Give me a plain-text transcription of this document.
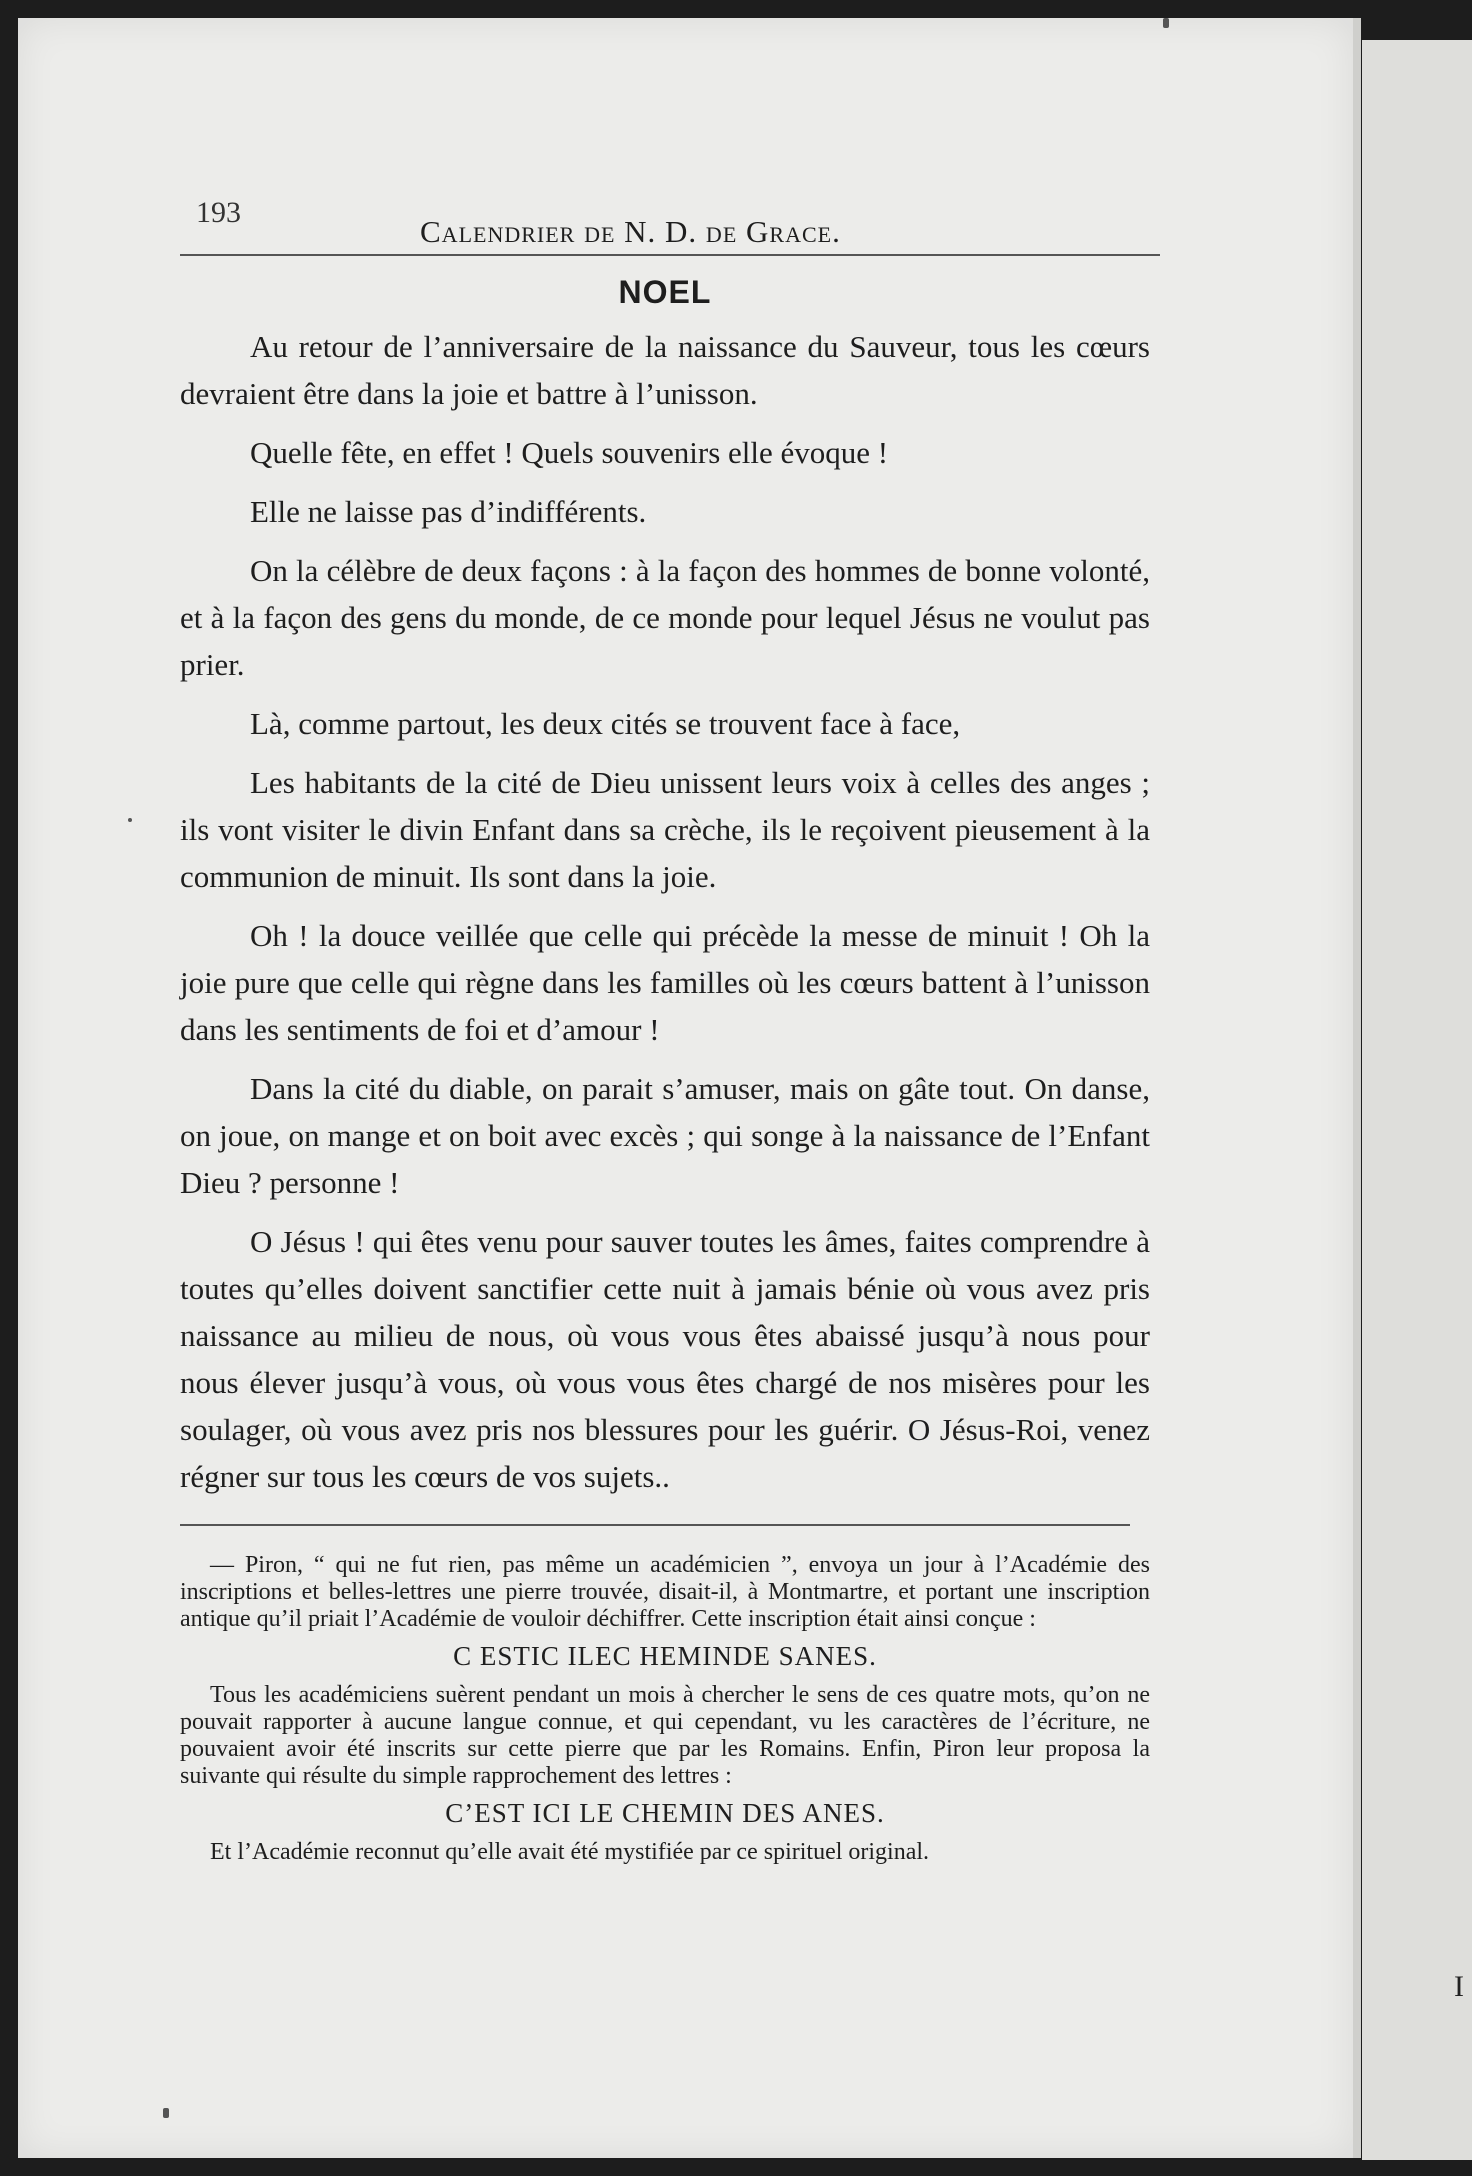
I
193
Calendrier de N. D. de Grace.
NOEL

Au retour de l’anniversaire de la naissance du Sauveur, tous les cœurs devraient être dans la joie et battre à l’unisson.

Quelle fête, en effet ! Quels souvenirs elle évoque !

Elle ne laisse pas d’indifférents.

On la célèbre de deux façons : à la façon des hommes de bonne volonté, et à la façon des gens du monde, de ce monde pour lequel Jésus ne voulut pas prier.

Là, comme partout, les deux cités se trouvent face à face,

Les habitants de la cité de Dieu unissent leurs voix à celles des anges ; ils vont visiter le divin Enfant dans sa crèche, ils le reçoivent pieusement à la communion de minuit. Ils sont dans la joie.

Oh ! la douce veillée que celle qui précède la messe de minuit ! Oh la joie pure que celle qui règne dans les familles où les cœurs battent à l’unisson dans les sentiments de foi et d’amour !

Dans la cité du diable, on parait s’amuser, mais on gâte tout. On danse, on joue, on mange et on boit avec excès ; qui songe à la naissance de l’Enfant Dieu ? personne !

O Jésus ! qui êtes venu pour sauver toutes les âmes, faites comprendre à toutes qu’elles doivent sanctifier cette nuit à jamais bénie où vous avez pris naissance au milieu de nous, où vous vous êtes abaissé jusqu’à nous pour nous élever jusqu’à vous, où vous vous êtes chargé de nos misères pour les soulager, où vous avez pris nos blessures pour les guérir. O Jésus-Roi, venez régner sur tous les cœurs de vos sujets..

— Piron, “ qui ne fut rien, pas même un académicien ”, envoya un jour à l’Académie des inscriptions et belles-lettres une pierre trouvée, disait-il, à Montmartre, et portant une inscription antique qu’il priait l’Académie de vouloir déchiffrer. Cette inscription était ainsi conçue :

C ESTIC ILEC HEMINDE SANES.

Tous les académiciens suèrent pendant un mois à chercher le sens de ces quatre mots, qu’on ne pouvait rapporter à aucune langue connue, et qui cependant, vu les caractères de l’écriture, ne pouvaient avoir été inscrits sur cette pierre que par les Romains. Enfin, Piron leur proposa la suivante qui résulte du simple rapprochement des lettres :

C’EST ICI LE CHEMIN DES ANES.

Et l’Académie reconnut qu’elle avait été mystifiée par ce spirituel original.
